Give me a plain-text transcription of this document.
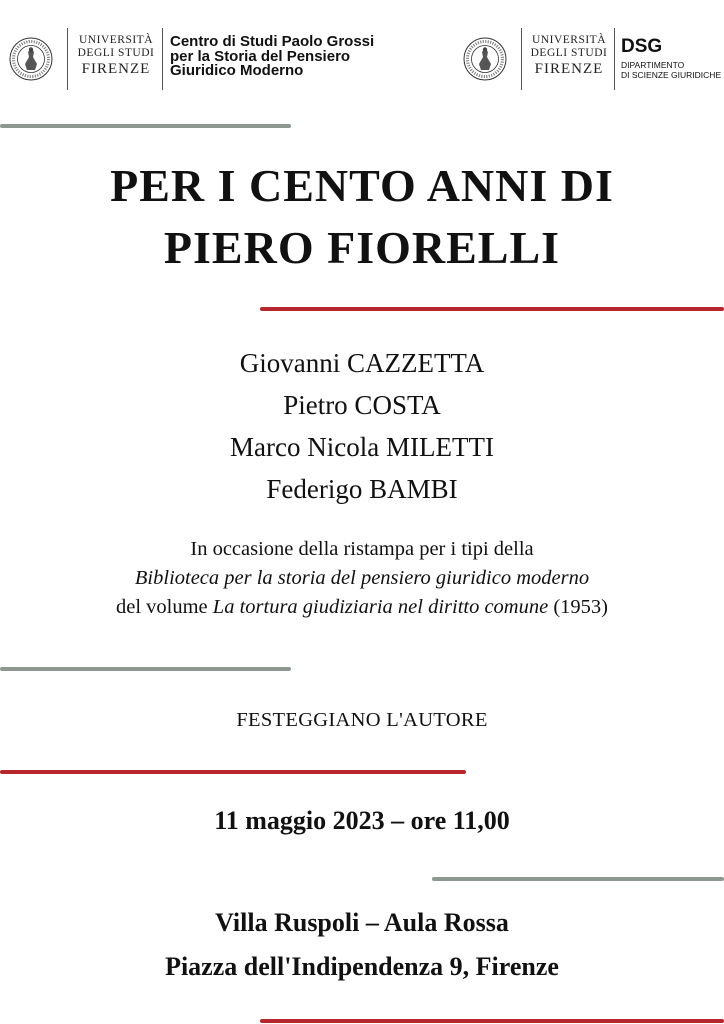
UNIVERSITÀ
DEGLI STUDI
FIRENZE
Centro di Studi Paolo Grossi
per la Storia del Pensiero
Giuridico Moderno
UNIVERSITÀ
DEGLI STUDI
FIRENZE
DSG
DIPARTIMENTO
DI SCIENZE GIURIDICHE
PER I CENTO ANNI DI
PIERO FIORELLI
Giovanni CAZZETTA
Pietro COSTA
Marco Nicola MILETTI
Federigo BAMBI
In occasione della ristampa per i tipi della
Biblioteca per la storia del pensiero giuridico moderno
del volume La tortura giudiziaria nel diritto comune (1953)
FESTEGGIANO L'AUTORE
11 maggio 2023 – ore 11,00
Villa Ruspoli – Aula Rossa
Piazza dell'Indipendenza 9, Firenze
